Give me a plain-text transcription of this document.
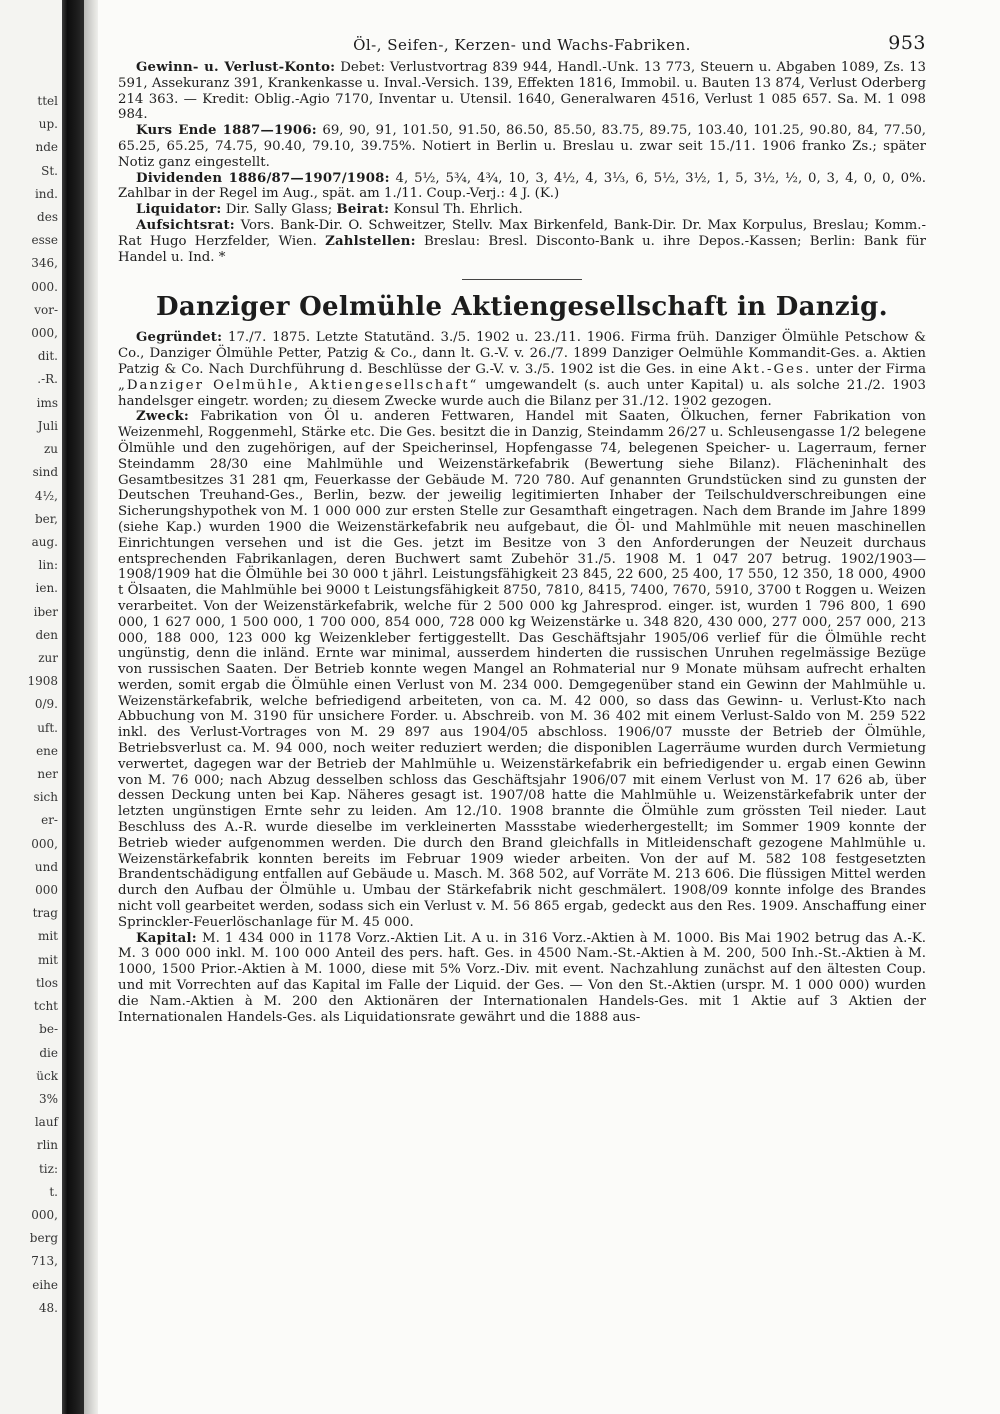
ttel
up.
nde
St.
ind.
des
esse
346,
000.
vor-
000,
dit.
.-R.
ims
Juli
zu
sind
4½,
ber,
aug.
lin:
ien.
iber
den
zur
1908
0/9.
uft.
ene
ner
sich
er-
000,
und
000
trag
mit
mit
tlos
tcht
be-
die
ück
3%
lauf
rlin
tiz:
t.
000,
berg
713,
eihe
48.
Öl-, Seifen-, Kerzen- und Wachs-Fabriken.	953

Gewinn- u. Verlust-Konto: Debet: Verlustvortrag 839 944, Handl.-Unk. 13 773, Steuern u. Abgaben 1089, Zs. 13 591, Assekuranz 391, Krankenkasse u. Inval.-Versich. 139, Effekten 1816, Immobil. u. Bauten 13 874, Verlust Oderberg 214 363. — Kredit: Oblig.-Agio 7170, Inventar u. Utensil. 1640, Generalwaren 4516, Verlust 1 085 657. Sa. M. 1 098 984.

Kurs Ende 1887—1906: 69, 90, 91, 101.50, 91.50, 86.50, 85.50, 83.75, 89.75, 103.40, 101.25, 90.80, 84, 77.50, 65.25, 65.25, 74.75, 90.40, 79.10, 39.75%. Notiert in Berlin u. Breslau u. zwar seit 15./11. 1906 franko Zs.; später Notiz ganz eingestellt.

Dividenden 1886/87—1907/1908: 4, 5½, 5¾, 4¾, 10, 3, 4½, 4, 3⅓, 6, 5½, 3½, 1, 5, 3½, ½, 0, 3, 4, 0, 0, 0%. Zahlbar in der Regel im Aug., spät. am 1./11. Coup.-Verj.: 4 J. (K.)

Liquidator: Dir. Sally Glass; Beirat: Konsul Th. Ehrlich.

Aufsichtsrat: Vors. Bank-Dir. O. Schweitzer, Stellv. Max Birkenfeld, Bank-Dir. Dr. Max Korpulus, Breslau; Komm.-Rat Hugo Herzfelder, Wien. Zahlstellen: Breslau: Bresl. Disconto-Bank u. ihre Depos.-Kassen; Berlin: Bank für Handel u. Ind. *

Danziger Oelmühle Aktiengesellschaft in Danzig.

Gegründet: 17./7. 1875. Letzte Statutänd. 3./5. 1902 u. 23./11. 1906. Firma früh. Danziger Ölmühle Petschow & Co., Danziger Ölmühle Petter, Patzig & Co., dann lt. G.-V. v. 26./7. 1899 Danziger Oelmühle Kommandit-Ges. a. Aktien Patzig & Co. Nach Durchführung d. Beschlüsse der G.-V. v. 3./5. 1902 ist die Ges. in eine Akt.-Ges. unter der Firma „Danziger Oelmühle, Aktiengesellschaft“ umgewandelt (s. auch unter Kapital) u. als solche 21./2. 1903 handelsger eingetr. worden; zu diesem Zwecke wurde auch die Bilanz per 31./12. 1902 gezogen.

Zweck: Fabrikation von Öl u. anderen Fettwaren, Handel mit Saaten, Ölkuchen, ferner Fabrikation von Weizenmehl, Roggenmehl, Stärke etc. Die Ges. besitzt die in Danzig, Steindamm 26/27 u. Schleusengasse 1/2 belegene Ölmühle und den zugehörigen, auf der Speicherinsel, Hopfengasse 74, belegenen Speicher- u. Lagerraum, ferner Steindamm 28/30 eine Mahlmühle und Weizenstärkefabrik (Bewertung siehe Bilanz). Flächeninhalt des Gesamtbesitzes 31 281 qm, Feuerkasse der Gebäude M. 720 780. Auf genannten Grundstücken sind zu gunsten der Deutschen Treuhand-Ges., Berlin, bezw. der jeweilig legitimierten Inhaber der Teilschuldverschreibungen eine Sicherungshypothek von M. 1 000 000 zur ersten Stelle zur Gesamthaft eingetragen. Nach dem Brande im Jahre 1899 (siehe Kap.) wurden 1900 die Weizenstärkefabrik neu aufgebaut, die Öl- und Mahlmühle mit neuen maschinellen Einrichtungen versehen und ist die Ges. jetzt im Besitze von 3 den Anforderungen der Neuzeit durchaus entsprechenden Fabrikanlagen, deren Buchwert samt Zubehör 31./5. 1908 M. 1 047 207 betrug. 1902/1903—1908/1909 hat die Ölmühle bei 30 000 t jährl. Leistungsfähigkeit 23 845, 22 600, 25 400, 17 550, 12 350, 18 000, 4900 t Ölsaaten, die Mahlmühle bei 9000 t Leistungsfähigkeit 8750, 7810, 8415, 7400, 7670, 5910, 3700 t Roggen u. Weizen verarbeitet. Von der Weizenstärkefabrik, welche für 2 500 000 kg Jahresprod. einger. ist, wurden 1 796 800, 1 690 000, 1 627 000, 1 500 000, 1 700 000, 854 000, 728 000 kg Weizenstärke u. 348 820, 430 000, 277 000, 257 000, 213 000, 188 000, 123 000 kg Weizenkleber fertiggestellt. Das Geschäftsjahr 1905/06 verlief für die Ölmühle recht ungünstig, denn die inländ. Ernte war minimal, ausserdem hinderten die russischen Unruhen regelmässige Bezüge von russischen Saaten. Der Betrieb konnte wegen Mangel an Rohmaterial nur 9 Monate mühsam aufrecht erhalten werden, somit ergab die Ölmühle einen Verlust von M. 234 000. Demgegenüber stand ein Gewinn der Mahlmühle u. Weizenstärkefabrik, welche befriedigend arbeiteten, von ca. M. 42 000, so dass das Gewinn- u. Verlust-Kto nach Abbuchung von M. 3190 für unsichere Forder. u. Abschreib. von M. 36 402 mit einem Verlust-Saldo von M. 259 522 inkl. des Verlust-Vortrages von M. 29 897 aus 1904/05 abschloss. 1906/07 musste der Betrieb der Ölmühle, Betriebsverlust ca. M. 94 000, noch weiter reduziert werden; die disponiblen Lagerräume wurden durch Vermietung verwertet, dagegen war der Betrieb der Mahlmühle u. Weizenstärkefabrik ein befriedigender u. ergab einen Gewinn von M. 76 000; nach Abzug desselben schloss das Geschäftsjahr 1906/07 mit einem Verlust von M. 17 626 ab, über dessen Deckung unten bei Kap. Näheres gesagt ist. 1907/08 hatte die Mahlmühle u. Weizenstärkefabrik unter der letzten ungünstigen Ernte sehr zu leiden. Am 12./10. 1908 brannte die Ölmühle zum grössten Teil nieder. Laut Beschluss des A.-R. wurde dieselbe im verkleinerten Massstabe wiederhergestellt; im Sommer 1909 konnte der Betrieb wieder aufgenommen werden. Die durch den Brand gleichfalls in Mitleidenschaft gezogene Mahlmühle u. Weizenstärkefabrik konnten bereits im Februar 1909 wieder arbeiten. Von der auf M. 582 108 festgesetzten Brandentschädigung entfallen auf Gebäude u. Masch. M. 368 502, auf Vorräte M. 213 606. Die flüssigen Mittel werden durch den Aufbau der Ölmühle u. Umbau der Stärkefabrik nicht geschmälert. 1908/09 konnte infolge des Brandes nicht voll gearbeitet werden, sodass sich ein Verlust v. M. 56 865 ergab, gedeckt aus den Res. 1909. Anschaffung einer Sprinckler-Feuerlöschanlage für M. 45 000.

Kapital: M. 1 434 000 in 1178 Vorz.-Aktien Lit. A u. in 316 Vorz.-Aktien à M. 1000. Bis Mai 1902 betrug das A.-K. M. 3 000 000 inkl. M. 100 000 Anteil des pers. haft. Ges. in 4500 Nam.-St.-Aktien à M. 200, 500 Inh.-St.-Aktien à M. 1000, 1500 Prior.-Aktien à M. 1000, diese mit 5% Vorz.-Div. mit event. Nachzahlung zunächst auf den ältesten Coup. und mit Vorrechten auf das Kapital im Falle der Liquid. der Ges. — Von den St.-Aktien (urspr. M. 1 000 000) wurden die Nam.-Aktien à M. 200 den Aktionären der Internationalen Handels-Ges. mit 1 Aktie auf 3 Aktien der Internationalen Handels-Ges. als Liquidationsrate gewährt und die 1888 aus-
